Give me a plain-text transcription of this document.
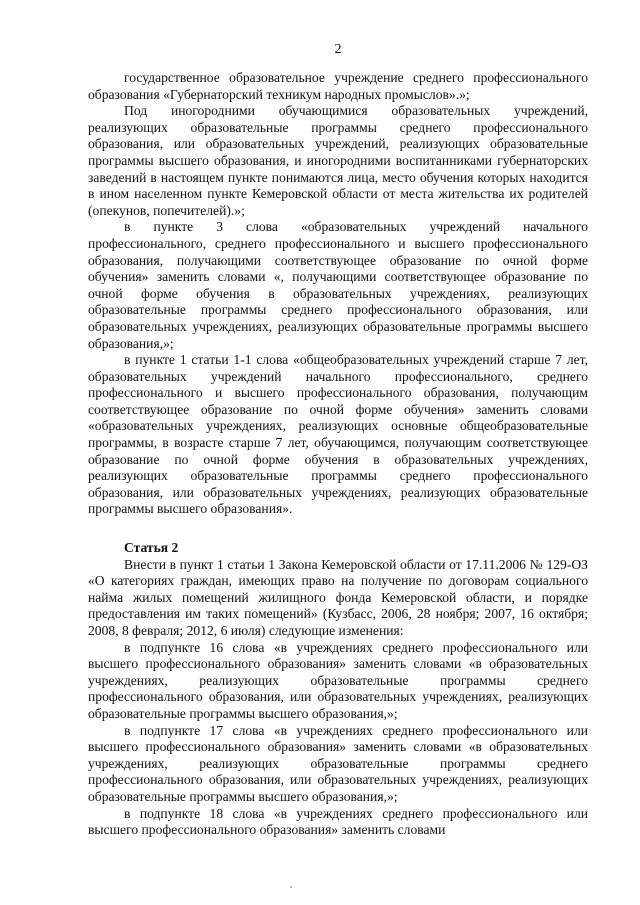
2

государственное образовательное учреждение среднего профессионального образования «Губернаторский техникум народных промыслов».»;

Под иногородними обучающимися образовательных учреждений, реализующих образовательные программы среднего профессионального образования, или образовательных учреждений, реализующих образовательные программы высшего образования, и иногородними воспитанниками губернаторских заведений в настоящем пункте понимаются лица, место обучения которых находится в ином населенном пункте Кемеровской области от места жительства их родителей (опекунов, попечителей).»;

в пункте 3 слова «образовательных учреждений начального профессионального, среднего профессионального и высшего профессионального образования, получающими соответствующее образование по очной форме обучения» заменить словами «, получающими соответствующее образование по очной форме обучения в образовательных учреждениях, реализующих образовательные программы среднего профессионального образования, или образовательных учреждениях, реализующих образовательные программы высшего образования,»;

в пункте 1 статьи 1-1 слова «общеобразовательных учреждений старше 7 лет, образовательных учреждений начального профессионального, среднего профессионального и высшего профессионального образования, получающим соответствующее образование по очной форме обучения» заменить словами «образовательных учреждениях, реализующих основные общеобразовательные программы, в возрасте старше 7 лет, обучающимся, получающим соответствующее образование по очной форме обучения в образовательных учреждениях, реализующих образовательные программы среднего профессионального образования, или образовательных учреждениях, реализующих образовательные программы высшего образования».

Статья 2

Внести в пункт 1 статьи 1 Закона Кемеровской области от 17.11.2006 № 129-ОЗ «О категориях граждан, имеющих право на получение по договорам социального найма жилых помещений жилищного фонда Кемеровской области, и порядке предоставления им таких помещений» (Кузбасс, 2006, 28 ноября; 2007, 16 октября; 2008, 8 февраля; 2012, 6 июля) следующие изменения:

в подпункте 16 слова «в учреждениях среднего профессионального или высшего профессионального образования» заменить словами «в образовательных учреждениях, реализующих образовательные программы среднего профессионального образования, или образовательных учреждениях, реализующих образовательные программы высшего образования,»;

в подпункте 17 слова «в учреждениях среднего профессионального или высшего профессионального образования» заменить словами «в образовательных учреждениях, реализующих образовательные программы среднего профессионального образования, или образовательных учреждениях, реализующих образовательные программы высшего образования,»;

в подпункте 18 слова «в учреждениях среднего профессионального или высшего профессионального образования» заменить словами
